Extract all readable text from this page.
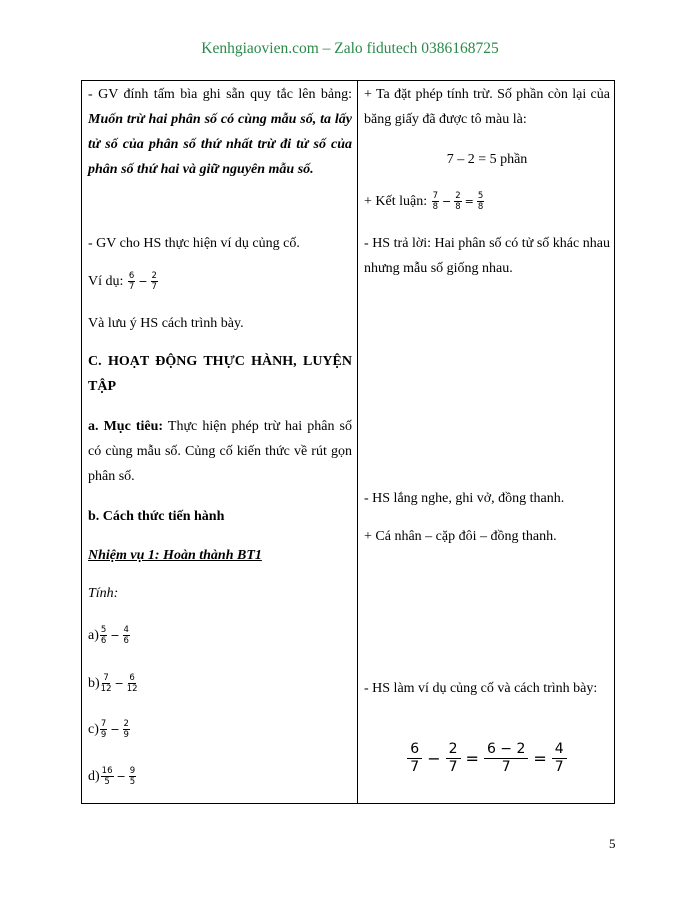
Kenhgiaovien.com – Zalo fidutech 0386168725
- GV đính tấm bìa ghi sẵn quy tắc lên bảng: Muốn trừ hai phân số có cùng mẫu số, ta lấy tử số của phân số thứ nhất trừ đi tử số của phân số thứ hai và giữ nguyên mẫu số.
- GV cho HS thực hiện ví dụ củng cố.
Ví dụ: $\frac{6}{7} - \frac{2}{7}$
Và lưu ý HS cách trình bày.
C. HOẠT ĐỘNG THỰC HÀNH, LUYỆN TẬP
a. Mục tiêu: Thực hiện phép trừ hai phân số có cùng mẫu số. Củng cố kiến thức về rút gọn phân số.
b. Cách thức tiến hành
Nhiệm vụ 1: Hoàn thành BT1
Tính:
$a) \frac{5}{6} - \frac{4}{6}$
$b) \frac{7}{12} - \frac{6}{12}$
$c) \frac{7}{9} - \frac{2}{9}$
$d) \frac{16}{5} - \frac{9}{5}$
+ Ta đặt phép tính trừ. Số phần còn lại của băng giấy đã được tô màu là:
7 – 2 = 5 phần
+ Kết luận: $\frac{7}{8} - \frac{2}{8} = \frac{5}{8}$
- HS trả lời: Hai phân số có tử số khác nhau nhưng mẫu số giống nhau.
- HS lắng nghe, ghi vở, đồng thanh.
+ Cá nhân – cặp đôi – đồng thanh.
- HS làm ví dụ củng cố và cách trình bày:
$\frac{6}{7} - \frac{2}{7} = \frac{6 - 2}{7} = \frac{4}{7}$
5
